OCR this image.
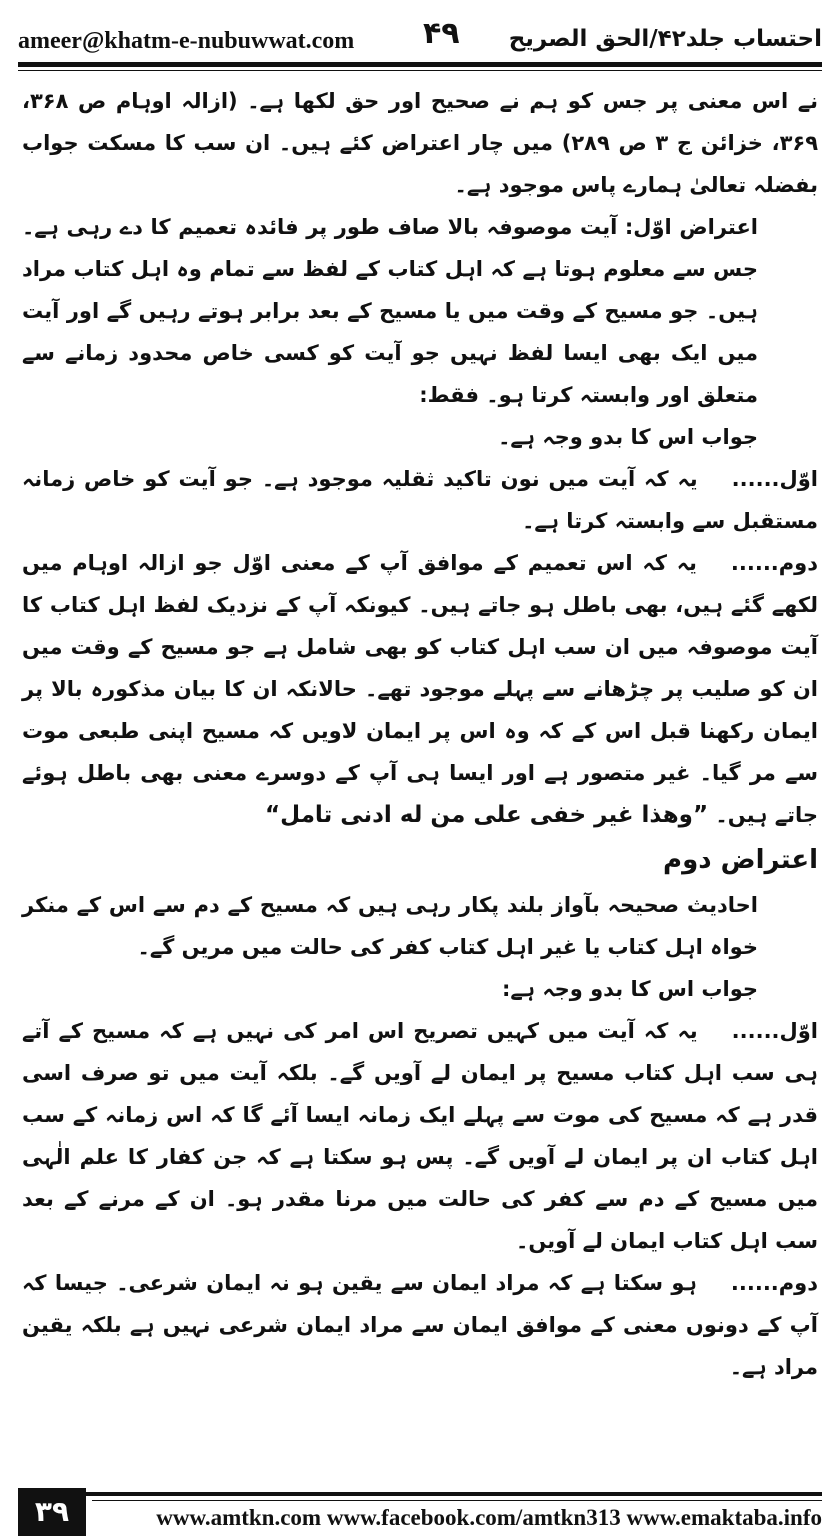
ameer@khatm-e-nubuwwat.com ۴۹ احتساب جلد۴۲/الحق الصریح

نے اس معنی پر جس کو ہم نے صحیح اور حق لکھا ہے۔ (ازالہ اوہام ص ۳۶۸، ۳۶۹، خزائن ج ۳ ص ۲۸۹) میں چار اعتراض کئے ہیں۔ ان سب کا مسکت جواب بفضلہ تعالیٰ ہمارے پاس موجود ہے۔

اعتراض اوّل: آیت موصوفہ بالا صاف طور پر فائدہ تعمیم کا دے رہی ہے۔ جس سے معلوم ہوتا ہے کہ اہل کتاب کے لفظ سے تمام وہ اہل کتاب مراد ہیں۔ جو مسیح کے وقت میں یا مسیح کے بعد برابر ہوتے رہیں گے اور آیت میں ایک بھی ایسا لفظ نہیں جو آیت کو کسی خاص محدود زمانے سے متعلق اور وابستہ کرتا ہو۔ فقط:

جواب اس کا بدو وجہ ہے۔

اوّل......یہ کہ آیت میں نون تاکید ثقلیہ موجود ہے۔ جو آیت کو خاص زمانہ مستقبل سے وابستہ کرتا ہے۔

دوم......یہ کہ اس تعمیم کے موافق آپ کے معنی اوّل جو ازالہ اوہام میں لکھے گئے ہیں، بھی باطل ہو جاتے ہیں۔ کیونکہ آپ کے نزدیک لفظ اہل کتاب کا آیت موصوفہ میں ان سب اہل کتاب کو بھی شامل ہے جو مسیح کے وقت میں ان کو صلیب پر چڑھانے سے پہلے موجود تھے۔ حالانکہ ان کا بیان مذکورہ بالا پر ایمان رکھنا قبل اس کے کہ وہ اس پر ایمان لاویں کہ مسیح اپنی طبعی موت سے مر گیا۔ غیر متصور ہے اور ایسا ہی آپ کے دوسرے معنی بھی باطل ہوئے جاتے ہیں۔ ”وھذا غیر خفی علی من له ادنی تامل“

اعتراض دوم

احادیث صحیحہ بآواز بلند پکار رہی ہیں کہ مسیح کے دم سے اس کے منکر خواہ اہل کتاب یا غیر اہل کتاب کفر کی حالت میں مریں گے۔

جواب اس کا بدو وجہ ہے:

اوّل......یہ کہ آیت میں کہیں تصریح اس امر کی نہیں ہے کہ مسیح کے آتے ہی سب اہل کتاب مسیح پر ایمان لے آویں گے۔ بلکہ آیت میں تو صرف اسی قدر ہے کہ مسیح کی موت سے پہلے ایک زمانہ ایسا آئے گا کہ اس زمانہ کے سب اہل کتاب ان پر ایمان لے آویں گے۔ پس ہو سکتا ہے کہ جن کفار کا علم الٰہی میں مسیح کے دم سے کفر کی حالت میں مرنا مقدر ہو۔ ان کے مرنے کے بعد سب اہل کتاب ایمان لے آویں۔

دوم......ہو سکتا ہے کہ مراد ایمان سے یقین ہو نہ ایمان شرعی۔ جیسا کہ آپ کے دونوں معنی کے موافق ایمان سے مراد ایمان شرعی نہیں ہے بلکہ یقین مراد ہے۔

۳۹	www.amtkn.com www.facebook.com/amtkn313 www.emaktaba.info
